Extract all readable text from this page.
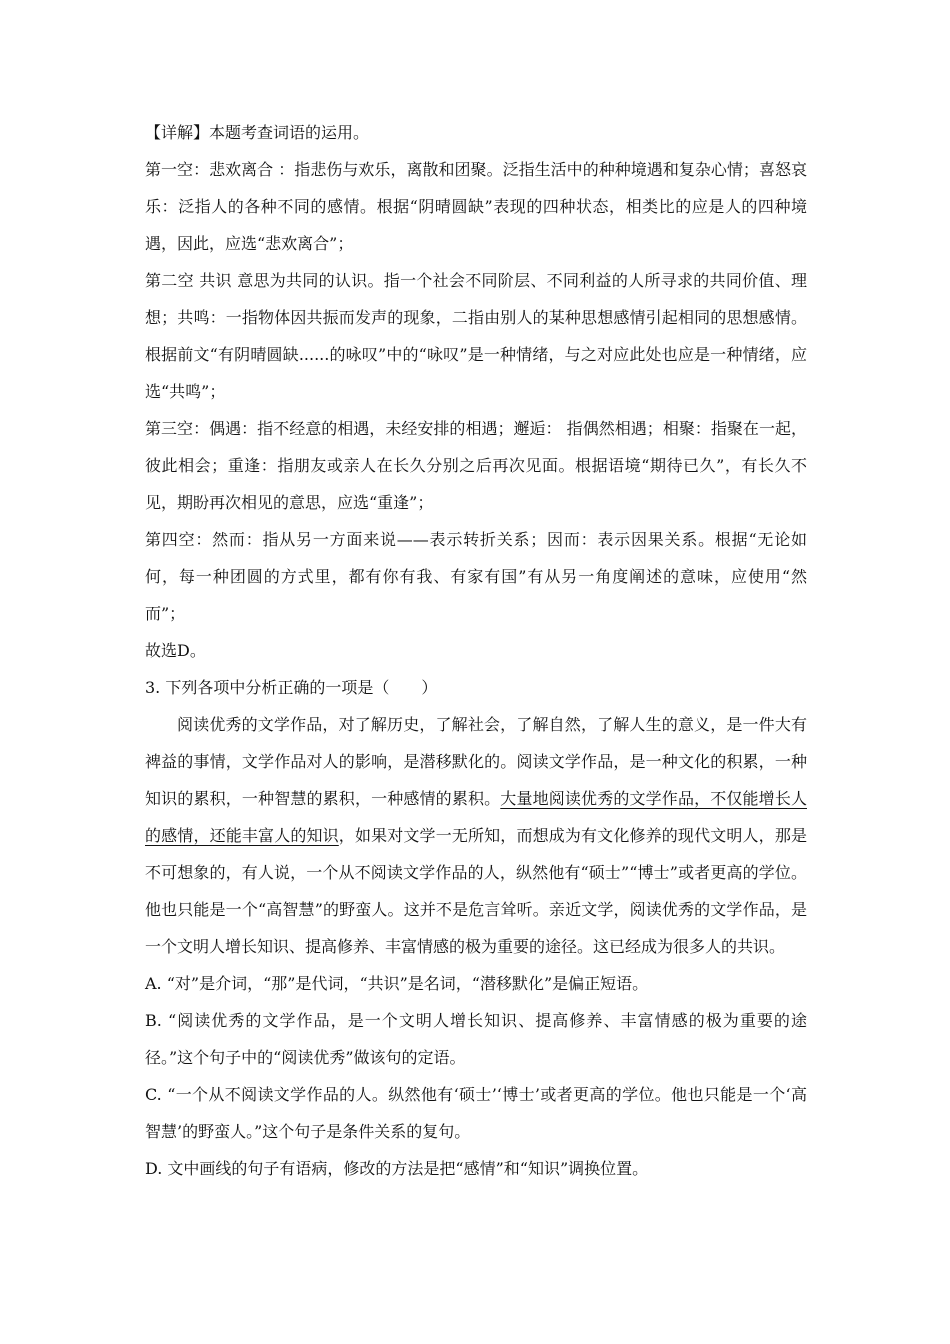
【详解】本题考查词语的运用。

第一空：悲欢离合 ：指悲伤与欢乐，离散和团聚。泛指生活中的种种境遇和复杂心情；喜怒哀乐：泛指人的各种不同的感情。根据“阴晴圆缺”表现的四种状态，相类比的应是人的四种境遇，因此，应选“悲欢离合”；

第二空 共识 意思为共同的认识。指一个社会不同阶层、不同利益的人所寻求的共同价值、理想；共鸣：一指物体因共振而发声的现象，二指由别人的某种思想感情引起相同的思想感情。根据前文“有阴晴圆缺......的咏叹”中的“咏叹”是一种情绪，与之对应此处也应是一种情绪，应选“共鸣”；

第三空：偶遇：指不经意的相遇，未经安排的相遇；邂逅： 指偶然相遇；相聚：指聚在一起，彼此相会；重逢：指朋友或亲人在长久分别之后再次见面。根据语境“期待已久”，有长久不见，期盼再次相见的意思，应选“重逢”；

第四空：然而：指从另一方面来说——表示转折关系；因而：表示因果关系。根据“无论如何，每一种团圆的方式里，都有你有我、有家有国”有从另一角度阐述的意味，应使用“然而”；

故选D。

3. 下列各项中分析正确的一项是（　　）

阅读优秀的文学作品，对了解历史，了解社会，了解自然，了解人生的意义，是一件大有裨益的事情，文学作品对人的影响，是潜移默化的。阅读文学作品，是一种文化的积累，一种知识的累积，一种智慧的累积，一种感情的累积。大量地阅读优秀的文学作品，不仅能增长人的感情，还能丰富人的知识，如果对文学一无所知，而想成为有文化修养的现代文明人，那是不可想象的，有人说，一个从不阅读文学作品的人，纵然他有“硕士”“博士”或者更高的学位。他也只能是一个“高智慧”的野蛮人。这并不是危言耸听。亲近文学，阅读优秀的文学作品，是一个文明人增长知识、提高修养、丰富情感的极为重要的途径。这已经成为很多人的共识。

A. “对”是介词，“那”是代词，“共识”是名词，“潜移默化”是偏正短语。

B. “阅读优秀的文学作品，是一个文明人增长知识、提高修养、丰富情感的极为重要的途径。”这个句子中的“阅读优秀”做该句的定语。

C. “一个从不阅读文学作品的人。纵然他有‘硕士’‘博士’或者更高的学位。他也只能是一个‘高智慧’的野蛮人。”这个句子是条件关系的复句。

D. 文中画线的句子有语病，修改的方法是把“感情”和“知识”调换位置。
